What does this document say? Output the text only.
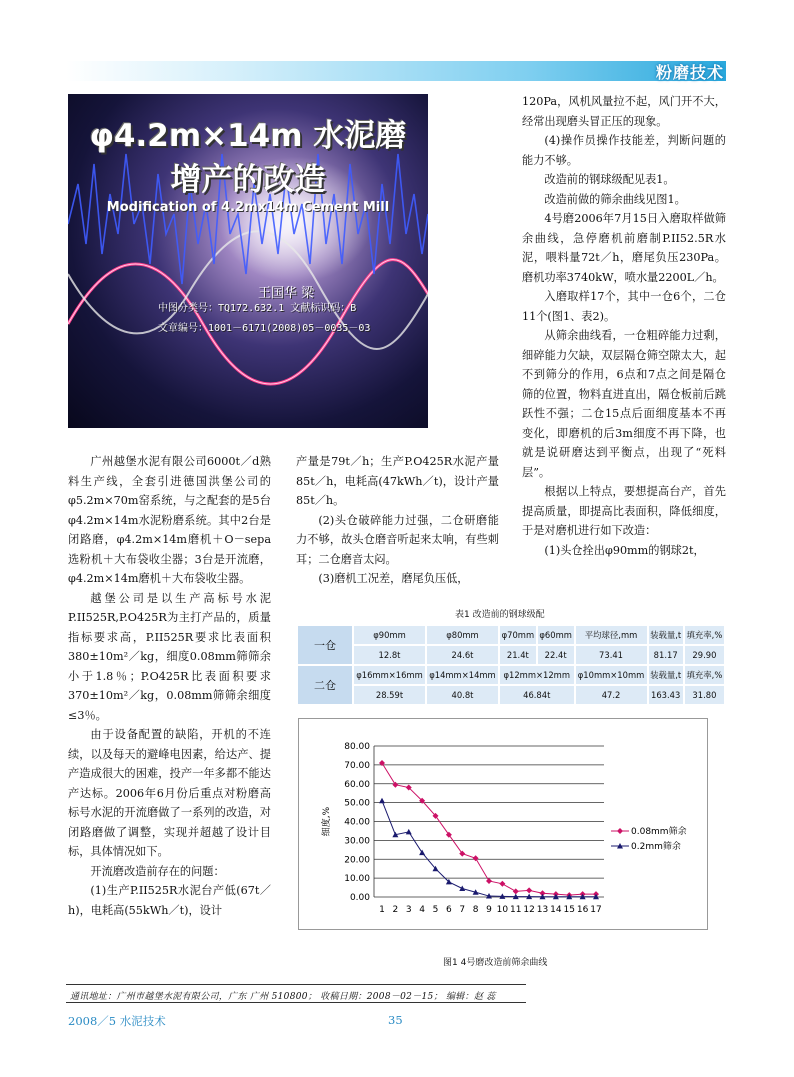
粉磨技术
φ4.2m×14m 水泥磨
增产的改造
Modification of 4.2mx14m Cement Mill
王国华 梁
中图分类号：TQ172.632.1 文献标识码：B
文章编号：1001－6171(2008)05－0035－03

广州越堡水泥有限公司6000t／d熟料生产线，全套引进德国洪堡公司的φ5.2m×70m窑系统，与之配套的是5台φ4.2m×14m水泥粉磨系统。其中2台是闭路磨，φ4.2m×14m磨机＋O－sepa选粉机＋大布袋收尘器；3台是开流磨，φ4.2m×14m磨机＋大布袋收尘器。

越堡公司是以生产高标号水泥P.II525R,P.O425R为主打产品的，质量指标要求高，P.II525R要求比表面积380±10m²／kg，细度0.08mm筛筛余小于1.8％；P.O425R比表面积要求370±10m²／kg，0.08mm筛筛余细度≤3％。

由于设备配置的缺陷，开机的不连续，以及每天的避峰电因素，给达产、提产造成很大的困难，投产一年多都不能达产达标。2006年6月份后重点对粉磨高标号水泥的开流磨做了一系列的改造，对闭路磨做了调整，实现并超越了设计目标，具体情况如下。

开流磨改造前存在的问题：

(1)生产P.II525R水泥台产低(67t／h)，电耗高(55kWh／t)，设计

产量是79t／h；生产P.O425R水泥产量85t／h，电耗高(47kWh／t)，设计产量85t／h。

(2)头仓破碎能力过强，二仓研磨能力不够，故头仓磨音听起来太响，有些刺耳；二仓磨音太闷。

(3)磨机工况差，磨尾负压低，

120Pa，风机风量拉不起，风门开不大，经常出现磨头冒正压的现象。

(4)操作员操作技能差，判断问题的能力不够。

改造前的钢球级配见表1。

改造前做的筛余曲线见图1。

4号磨2006年7月15日入磨取样做筛余曲线，急停磨机前磨制P.II52.5R水泥，喂料量72t／h，磨尾负压230Pa。磨机功率3740kW，喷水量2200L／h。

入磨取样17个，其中一仓6个，二仓11个(图1、表2)。

从筛余曲线看，一仓粗碎能力过剩，细碎能力欠缺，双层隔仓筛空隙太大，起不到筛分的作用，6点和7点之间是隔仓筛的位置，物料直进直出，隔仓板前后跳跃性不强；二仓15点后面细度基本不再变化，即磨机的后3m细度不再下降，也就是说研磨达到平衡点，出现了“死料层”。

根据以上特点，要想提高台产，首先提高质量，即提高比表面积，降低细度，于是对磨机进行如下改造：

(1)头仓拴出φ90mm的钢球2t，

表1 改造前的钢球级配
一仓	φ90mm	φ80mm	φ70mm	φ60mm	平均球径,mm	装载量,t	填充率,%
	12.8t	24.6t	21.4t	22.4t	73.41	81.17	29.90
二仓	φ16mm×16mm	φ14mm×14mm	φ12mm×12mm		φ10mm×10mm	装载量,t	填充率,%
	28.59t	40.8t	46.84t		47.2	163.43	31.80
0.00
10.00
20.00
30.00
40.00
50.00
60.00
70.00
80.00
1 2 3 4 5 6 7 8 9 10 11 12 13 14 15 16 17
细度,%	0.08mm筛余
0.2mm筛余
图1 4号磨改造前筛余曲线
通讯地址：广州市越堡水泥有限公司，广东 广州 510800； 收稿日期：2008－02－15； 编辑：赵 蕊
2008／5 水泥技术	35
